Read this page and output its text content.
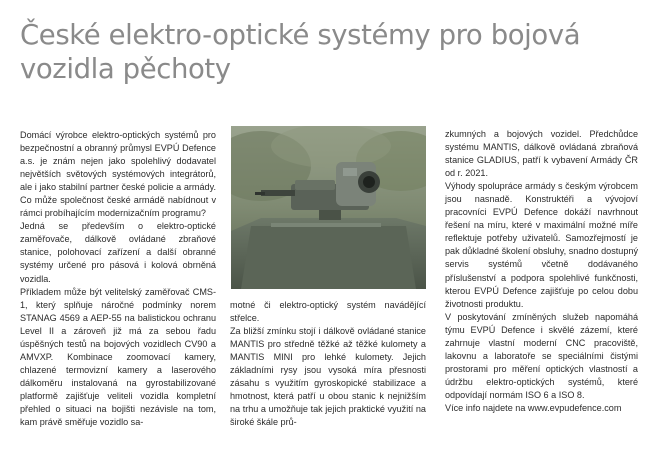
České elektro-optické systémy pro bojová vozidla pěchoty

Domácí výrobce elektro-optických systémů pro bezpečnostní a obranný průmysl EVPÚ Defence a.s. je znám nejen jako spolehlivý dodavatel největších světových systémových integrátorů, ale i jako stabilní partner české policie a armády. Co může společnost české armádě nabídnout v rámci probíhajícím modernizačním programu?

Jedná se především o elektro-optické zaměřovače, dálkově ovládané zbraňové stanice, polohovací zařízení a další obranné systémy určené pro pásová i kolová obrněná vozidla.

Příkladem může být velitelský zaměřovač CMS-1, který splňuje náročné podmínky norem STANAG 4569 a AEP-55 na balistickou ochranu Level II a zároveň již má za sebou řadu úspěšných testů na bojových vozidlech CV90 a AMVXP. Kombinace zoomovací kamery, chlazené termovizní kamery a laserového dálkoměru instalovaná na gyrostabilizované platformě zajišťuje veliteli vozidla kompletní přehled o situaci na bojišti nezávisle na tom, kam právě směřuje vozidlo sa-

motné či elektro-optický systém navádějící střelce.

Za bližší zmínku stojí i dálkově ovládané stanice MANTIS pro středně těžké až těžké kulomety a MANTIS MINI pro lehké kulomety. Jejich základními rysy jsou vysoká míra přesnosti zásahu s využitím gyroskopické stabilizace a hmotnost, která patří u obou stanic k nejnižším na trhu a umožňuje tak jejich praktické využití na široké škále prů-

zkumných a bojových vozidel. Předchůdce systému MANTIS, dálkově ovládaná zbraňová stanice GLADIUS, patří k vybavení Armády ČR od r. 2021.

Výhody spolupráce armády s českým výrobcem jsou nasnadě. Konstruktéři a vývojoví pracovníci EVPÚ Defence dokáží navrhnout řešení na míru, které v maximální možné míře reflektuje potřeby uživatelů. Samozřejmostí je pak důkladné školení obsluhy, snadno dostupný servis systémů včetně dodávaného příslušenství a podpora spolehlivé funkčnosti, kterou EVPÚ Defence zajišťuje po celou dobu životnosti produktu.

V poskytování zmíněných služeb napomáhá týmu EVPÚ Defence i skvělé zázemí, které zahrnuje vlastní moderní CNC pracoviště, lakovnu a laboratoře se speciálními čistými prostorami pro měření optických vlastností a údržbu elektro-optických systémů, které odpovídají normám ISO 6 a ISO 8.

Více info najdete na www.evpudefence.com
